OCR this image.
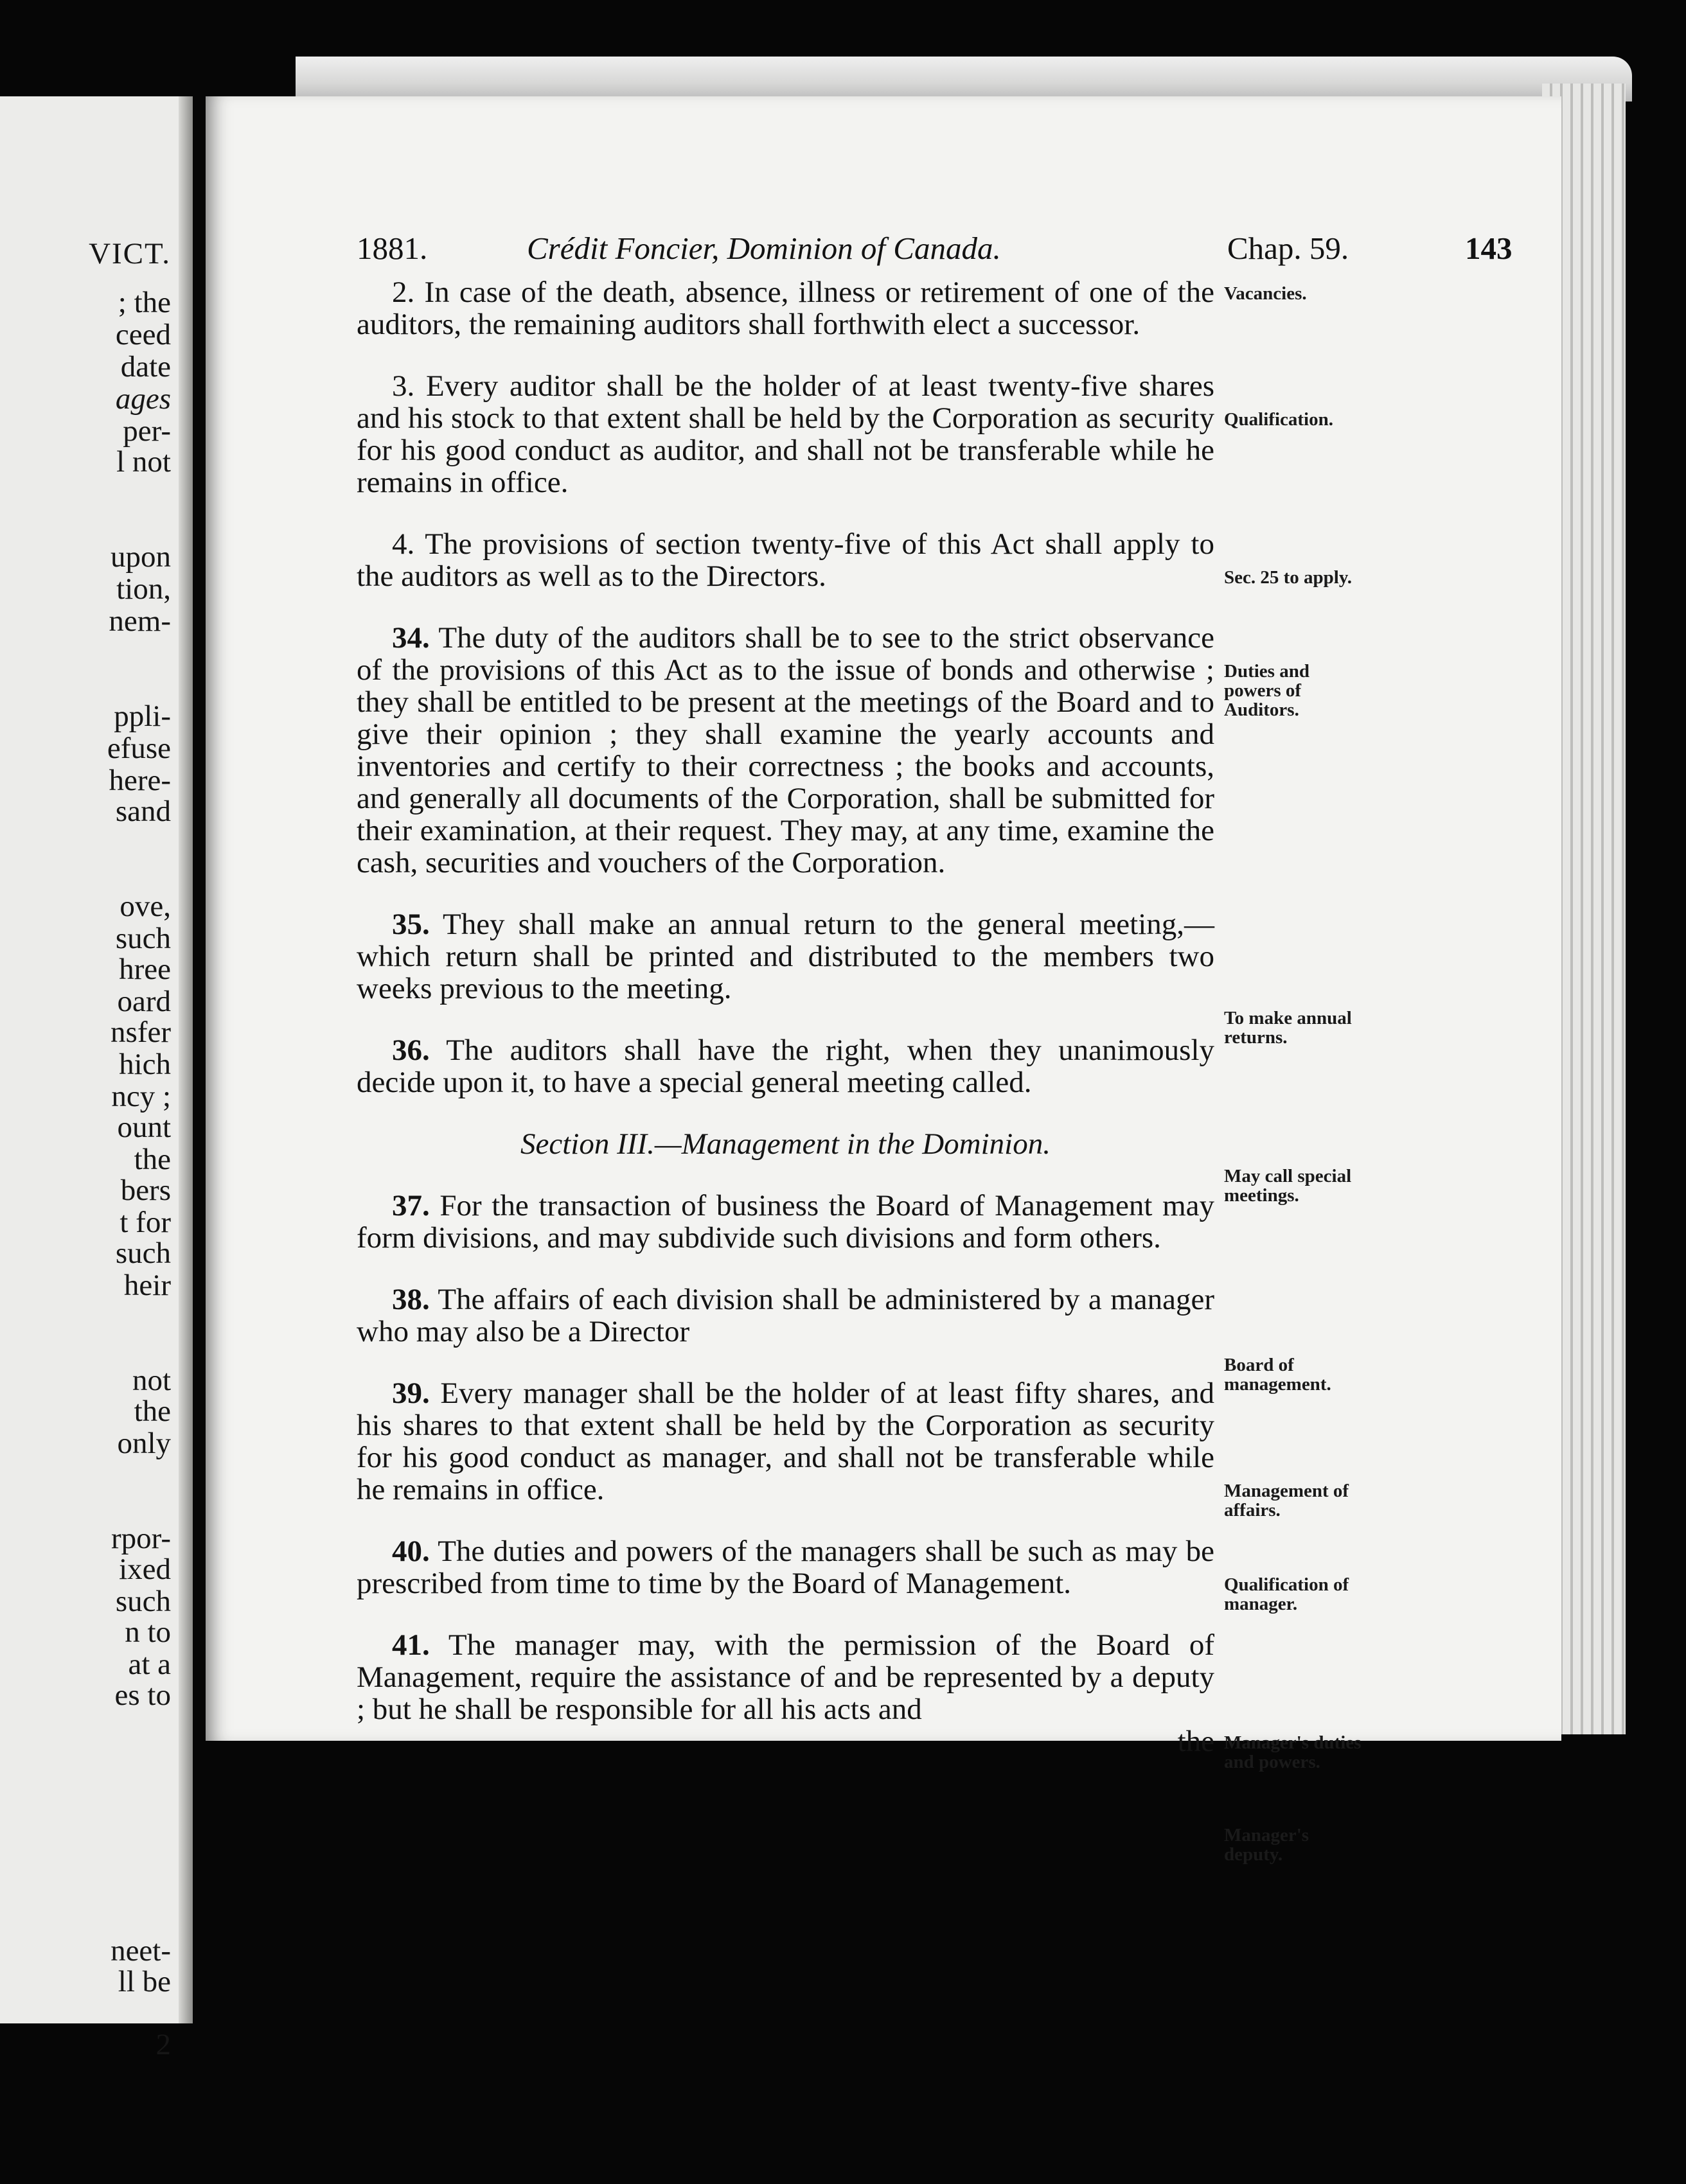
VICT.
; the
ceed
date
ages
per-
l not
upon
tion,
nem-
ppli-
efuse
here-
sand
ove,
such
hree
oard
nsfer
hich
ncy ;
ount
the
bers
t for
such
heir
not
the
only
rpor-
ixed
such
n to
at a
es to
neet-
ll be
2
1881.	Crédit Foncier, Dominion of Canada.	Chap. 59.	143

2. In case of the death, absence, illness or retirement of one of the auditors, the remaining auditors shall forthwith elect a successor.

3. Every auditor shall be the holder of at least twenty-five shares and his stock to that extent shall be held by the Corporation as security for his good conduct as auditor, and shall not be transferable while he remains in office.

4. The provisions of section twenty-five of this Act shall apply to the auditors as well as to the Directors.

34. The duty of the auditors shall be to see to the strict observance of the provisions of this Act as to the issue of bonds and otherwise ; they shall be entitled to be present at the meetings of the Board and to give their opinion ; they shall examine the yearly accounts and inventories and certify to their correctness ; the books and accounts, and generally all documents of the Corporation, shall be submitted for their examination, at their request. They may, at any time, examine the cash, securities and vouchers of the Corporation.

35. They shall make an annual return to the general meeting,—which return shall be printed and distributed to the members two weeks previous to the meeting.

36. The auditors shall have the right, when they unanimously decide upon it, to have a special general meeting called.

Section III.—Management in the Dominion.

37. For the transaction of business the Board of Management may form divisions, and may subdivide such divisions and form others.

38. The affairs of each division shall be administered by a manager who may also be a Director

39. Every manager shall be the holder of at least fifty shares, and his shares to that extent shall be held by the Corporation as security for his good conduct as manager, and shall not be transferable while he remains in office.

40. The duties and powers of the managers shall be such as may be prescribed from time to time by the Board of Management.

41. The manager may, with the permission of the Board of Management, require the assistance of and be represented by a deputy ; but he shall be responsible for all his acts and

the

Vacancies.
Qualification.
Sec. 25 to apply.
Duties and powers of Auditors.
To make annual returns.
May call special meetings.
Board of management.
Management of affairs.
Qualification of manager.
Manager's duties and powers.
Manager's deputy.
